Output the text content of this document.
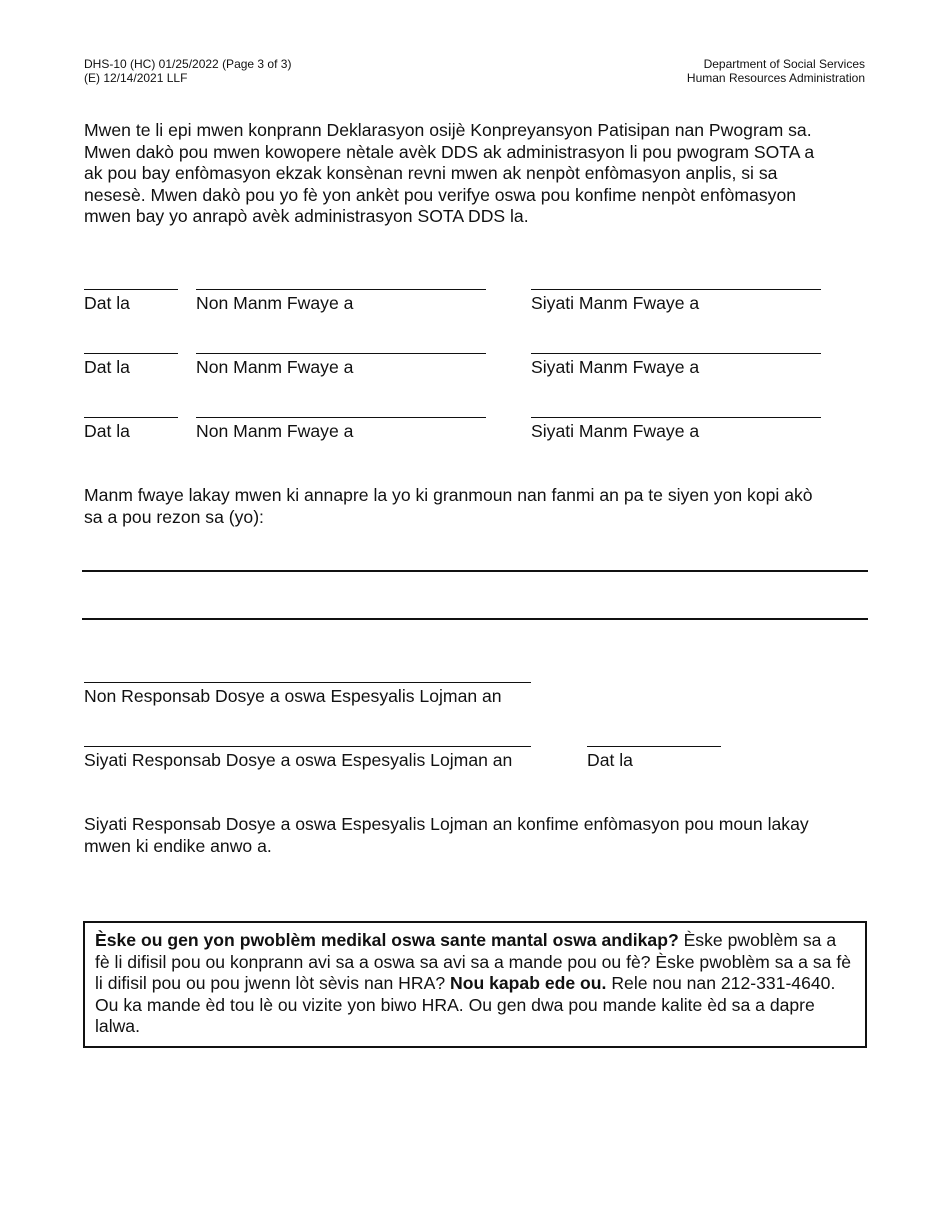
DHS-10 (HC) 01/25/2022 (Page 3 of 3)
(E) 12/14/2021 LLF
Department of Social Services
Human Resources Administration
Mwen te li epi mwen konprann Deklarasyon osijè Konpreyansyon Patisipan nan Pwogram sa.
Mwen dakò pou mwen kowopere nètale avèk DDS ak administrasyon li pou pwogram SOTA a
ak pou bay enfòmasyon ekzak konsènan revni mwen ak nenpòt enfòmasyon anplis, si sa
nesesè. Mwen dakò pou yo fè yon ankèt pou verifye oswa pou konfime nenpòt enfòmasyon
mwen bay yo anrapò avèk administrasyon SOTA DDS la.
Dat la	Non Manm Fwaye a	Siyati Manm Fwaye a
Dat la	Non Manm Fwaye a	Siyati Manm Fwaye a
Dat la	Non Manm Fwaye a	Siyati Manm Fwaye a
Manm fwaye lakay mwen ki annapre la yo ki granmoun nan fanmi an pa te siyen yon kopi akò
sa a pou rezon sa (yo):
Non Responsab Dosye a oswa Espesyalis Lojman an
Siyati Responsab Dosye a oswa Espesyalis Lojman an	Dat la
Siyati Responsab Dosye a oswa Espesyalis Lojman an konfime enfòmasyon pou moun lakay
mwen ki endike anwo a.
Èske ou gen yon pwoblèm medikal oswa sante mantal oswa andikap? Èske pwoblèm sa a fè li difisil pou ou konprann avi sa a oswa sa avi sa a mande pou ou fè? Èske pwoblèm sa a sa fè li difisil pou ou pou jwenn lòt sèvis nan HRA? Nou kapab ede ou. Rele nou nan 212-331-4640. Ou ka mande èd tou lè ou vizite yon biwo HRA. Ou gen dwa pou mande kalite èd sa a dapre lalwa.
